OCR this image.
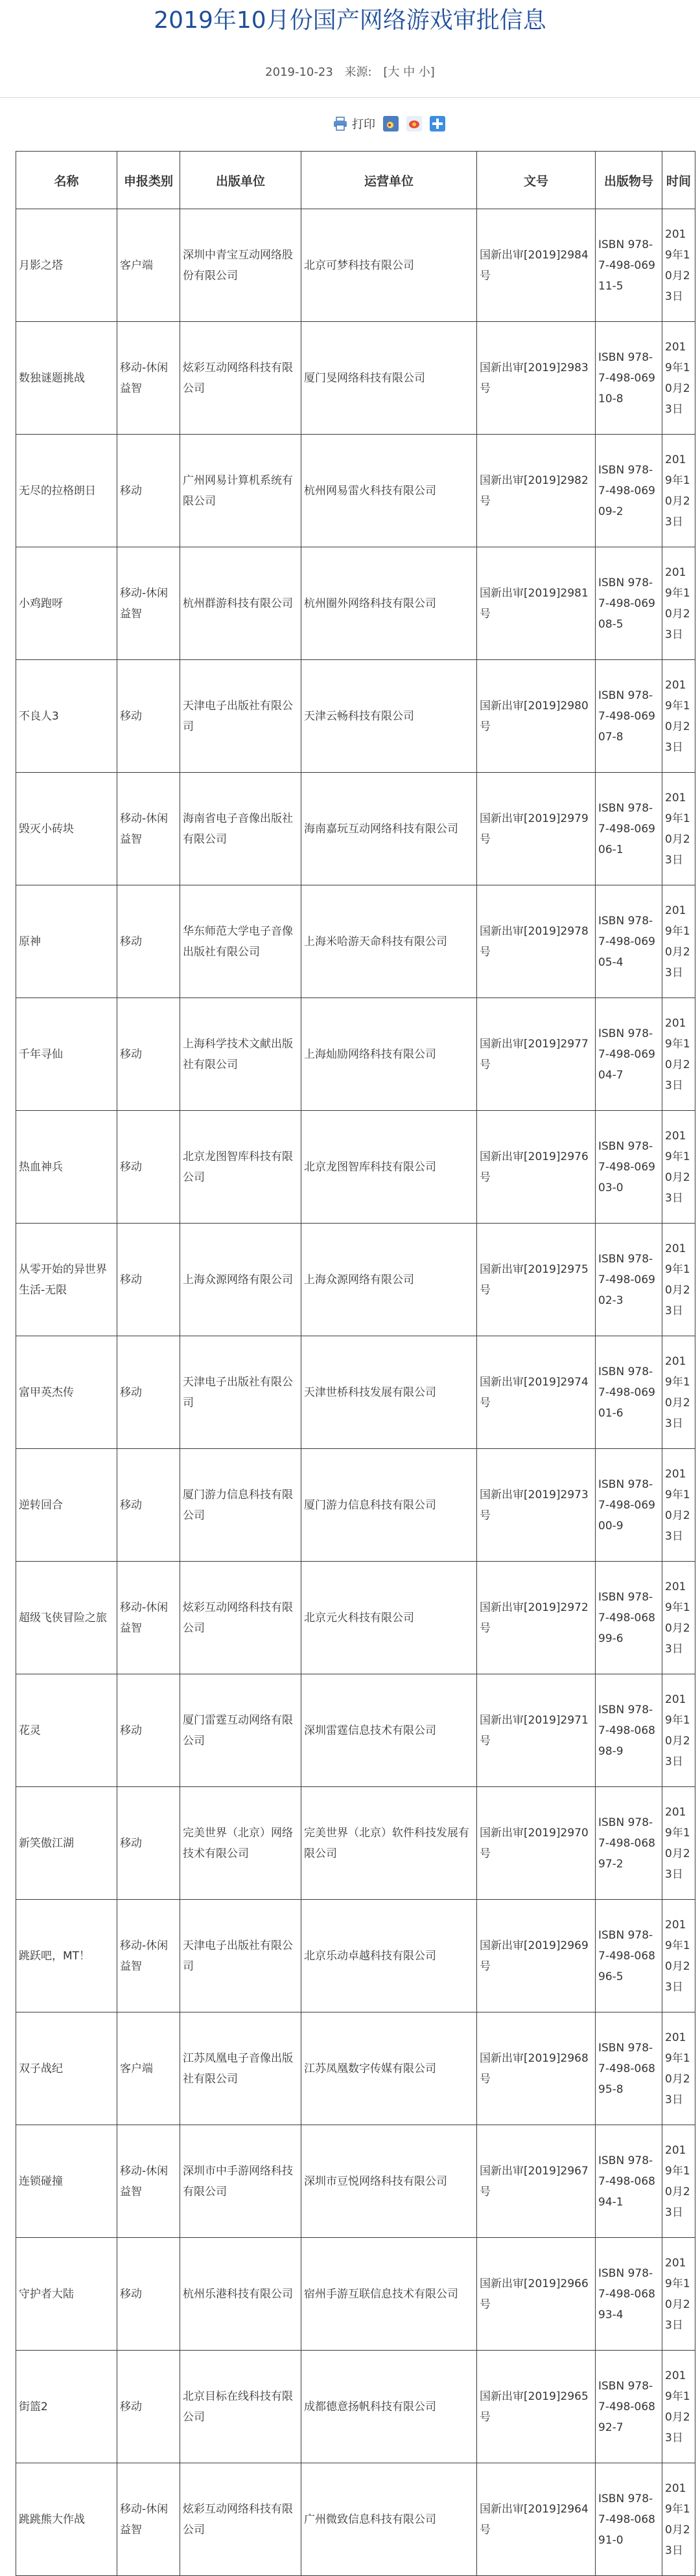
2019年10月份国产网络游戏审批信息
2019-10-23 来源: [大 中 小]
打印
名称	申报类别	出版单位	运营单位	文号	出版物号	时间
月影之塔	客户端	深圳中青宝互动网络股份有限公司	北京可梦科技有限公司	国新出审[2019]2984号	ISBN 978-7-498-06911-5	2019年10月23日
数独谜题挑战	移动-休闲益智	炫彩互动网络科技有限公司	厦门旻网络科技有限公司	国新出审[2019]2983号	ISBN 978-7-498-06910-8	2019年10月23日
无尽的拉格朗日	移动	广州网易计算机系统有限公司	杭州网易雷火科技有限公司	国新出审[2019]2982号	ISBN 978-7-498-06909-2	2019年10月23日
小鸡跑呀	移动-休闲益智	杭州群游科技有限公司	杭州圈外网络科技有限公司	国新出审[2019]2981号	ISBN 978-7-498-06908-5	2019年10月23日
不良人3	移动	天津电子出版社有限公司	天津云畅科技有限公司	国新出审[2019]2980号	ISBN 978-7-498-06907-8	2019年10月23日
毁灭小砖块	移动-休闲益智	海南省电子音像出版社有限公司	海南嘉玩互动网络科技有限公司	国新出审[2019]2979号	ISBN 978-7-498-06906-1	2019年10月23日
原神	移动	华东师范大学电子音像出版社有限公司	上海米哈游天命科技有限公司	国新出审[2019]2978号	ISBN 978-7-498-06905-4	2019年10月23日
千年寻仙	移动	上海科学技术文献出版社有限公司	上海灿励网络科技有限公司	国新出审[2019]2977号	ISBN 978-7-498-06904-7	2019年10月23日
热血神兵	移动	北京龙图智库科技有限公司	北京龙图智库科技有限公司	国新出审[2019]2976号	ISBN 978-7-498-06903-0	2019年10月23日
从零开始的异世界生活-无限	移动	上海众源网络有限公司	上海众源网络有限公司	国新出审[2019]2975号	ISBN 978-7-498-06902-3	2019年10月23日
富甲英杰传	移动	天津电子出版社有限公司	天津世桥科技发展有限公司	国新出审[2019]2974号	ISBN 978-7-498-06901-6	2019年10月23日
逆转回合	移动	厦门游力信息科技有限公司	厦门游力信息科技有限公司	国新出审[2019]2973号	ISBN 978-7-498-06900-9	2019年10月23日
超级飞侠冒险之旅	移动-休闲益智	炫彩互动网络科技有限公司	北京元火科技有限公司	国新出审[2019]2972号	ISBN 978-7-498-06899-6	2019年10月23日
花灵	移动	厦门雷霆互动网络有限公司	深圳雷霆信息技术有限公司	国新出审[2019]2971号	ISBN 978-7-498-06898-9	2019年10月23日
新笑傲江湖	移动	完美世界（北京）网络技术有限公司	完美世界（北京）软件科技发展有限公司	国新出审[2019]2970号	ISBN 978-7-498-06897-2	2019年10月23日
跳跃吧，MT！	移动-休闲益智	天津电子出版社有限公司	北京乐动卓越科技有限公司	国新出审[2019]2969号	ISBN 978-7-498-06896-5	2019年10月23日
双子战纪	客户端	江苏凤凰电子音像出版社有限公司	江苏凤凰数字传媒有限公司	国新出审[2019]2968号	ISBN 978-7-498-06895-8	2019年10月23日
连锁碰撞	移动-休闲益智	深圳市中手游网络科技有限公司	深圳市豆悦网络科技有限公司	国新出审[2019]2967号	ISBN 978-7-498-06894-1	2019年10月23日
守护者大陆	移动	杭州乐港科技有限公司	宿州手游互联信息技术有限公司	国新出审[2019]2966号	ISBN 978-7-498-06893-4	2019年10月23日
街篮2	移动	北京目标在线科技有限公司	成都德意扬帆科技有限公司	国新出审[2019]2965号	ISBN 978-7-498-06892-7	2019年10月23日
跳跳熊大作战	移动-休闲益智	炫彩互动网络科技有限公司	广州微致信息科技有限公司	国新出审[2019]2964号	ISBN 978-7-498-06891-0	2019年10月23日
